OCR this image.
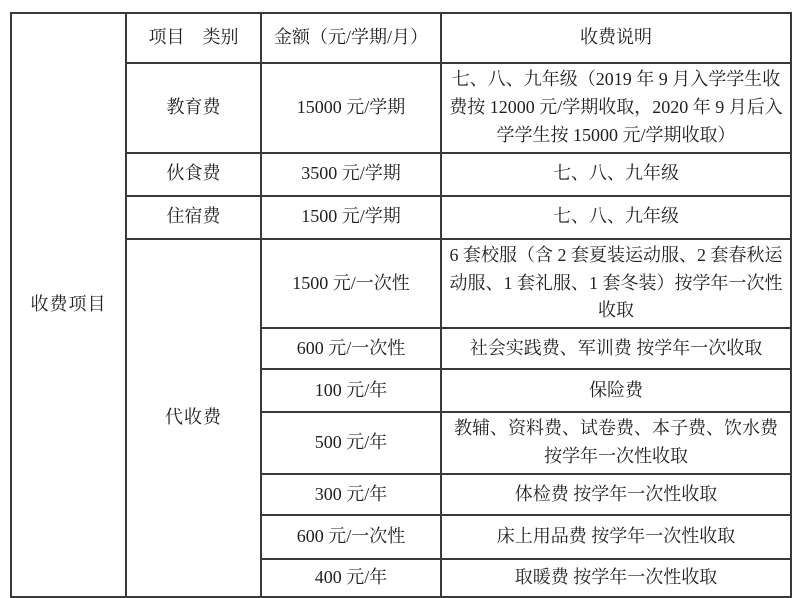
收费项目	项目　类别	金额（元/学期/月）	收费说明
	教育费	15000 元/学期	七、八、九年级（2019 年 9 月入学学生收费按 12000 元/学期收取，2020 年 9 月后入学学生按 15000 元/学期收取）
	伙食费	3500 元/学期	七、八、九年级
	住宿费	1500 元/学期	七、八、九年级
	代收费	1500 元/一次性	6 套校服（含 2 套夏装运动服、2 套春秋运动服、1 套礼服、1 套冬装）按学年一次性收取
		600 元/一次性	社会实践费、军训费 按学年一次收取
		100 元/年	保险费
		500 元/年	教辅、资料费、试卷费、本子费、饮水费 按学年一次性收取
		300 元/年	体检费 按学年一次性收取
		600 元/一次性	床上用品费 按学年一次性收取
		400 元/年	取暖费 按学年一次性收取
